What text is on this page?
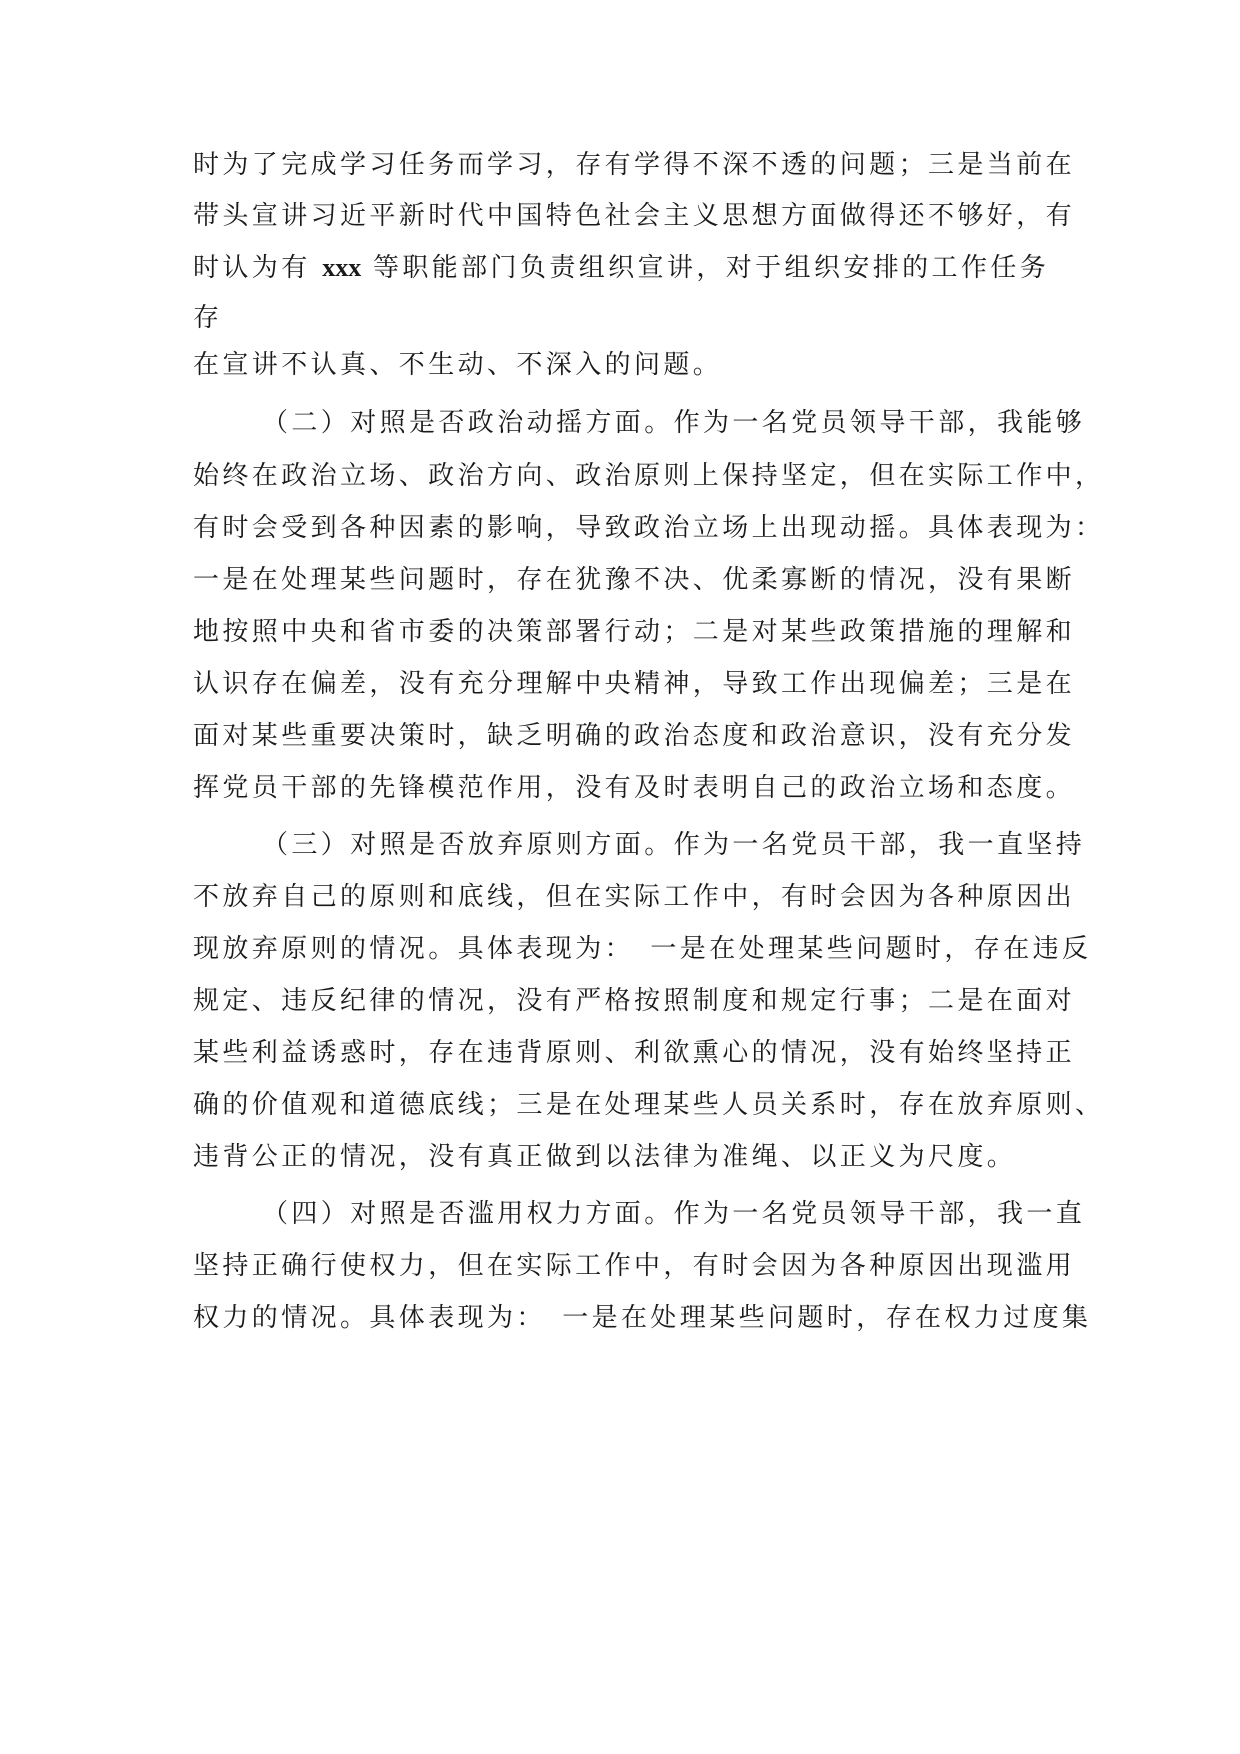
时为了完成学习任务而学习，存有学得不深不透的问题；三是当前在
带头宣讲习近平新时代中国特色社会主义思想方面做得还不够好，有
时认为有 xxx 等职能部门负责组织宣讲，对于组织安排的工作任务
存
在宣讲不认真、不生动、不深入的问题。
（二）对照是否政治动摇方面。作为一名党员领导干部，我能够
始终在政治立场、政治方向、政治原则上保持坚定，但在实际工作中，
有时会受到各种因素的影响，导致政治立场上出现动摇。具体表现为：
一是在处理某些问题时，存在犹豫不决、优柔寡断的情况，没有果断
地按照中央和省市委的决策部署行动；二是对某些政策措施的理解和
认识存在偏差，没有充分理解中央精神，导致工作出现偏差；三是在
面对某些重要决策时，缺乏明确的政治态度和政治意识，没有充分发
挥党员干部的先锋模范作用，没有及时表明自己的政治立场和态度。
（三）对照是否放弃原则方面。作为一名党员干部，我一直坚持
不放弃自己的原则和底线，但在实际工作中，有时会因为各种原因出
现放弃原则的情况。具体表现为：　一是在处理某些问题时，存在违反
规定、违反纪律的情况，没有严格按照制度和规定行事；二是在面对
某些利益诱惑时，存在违背原则、利欲熏心的情况，没有始终坚持正
确的价值观和道德底线；三是在处理某些人员关系时，存在放弃原则、
违背公正的情况，没有真正做到以法律为准绳、以正义为尺度。
（四）对照是否滥用权力方面。作为一名党员领导干部，我一直
坚持正确行使权力，但在实际工作中，有时会因为各种原因出现滥用
权力的情况。具体表现为：　一是在处理某些问题时，存在权力过度集
